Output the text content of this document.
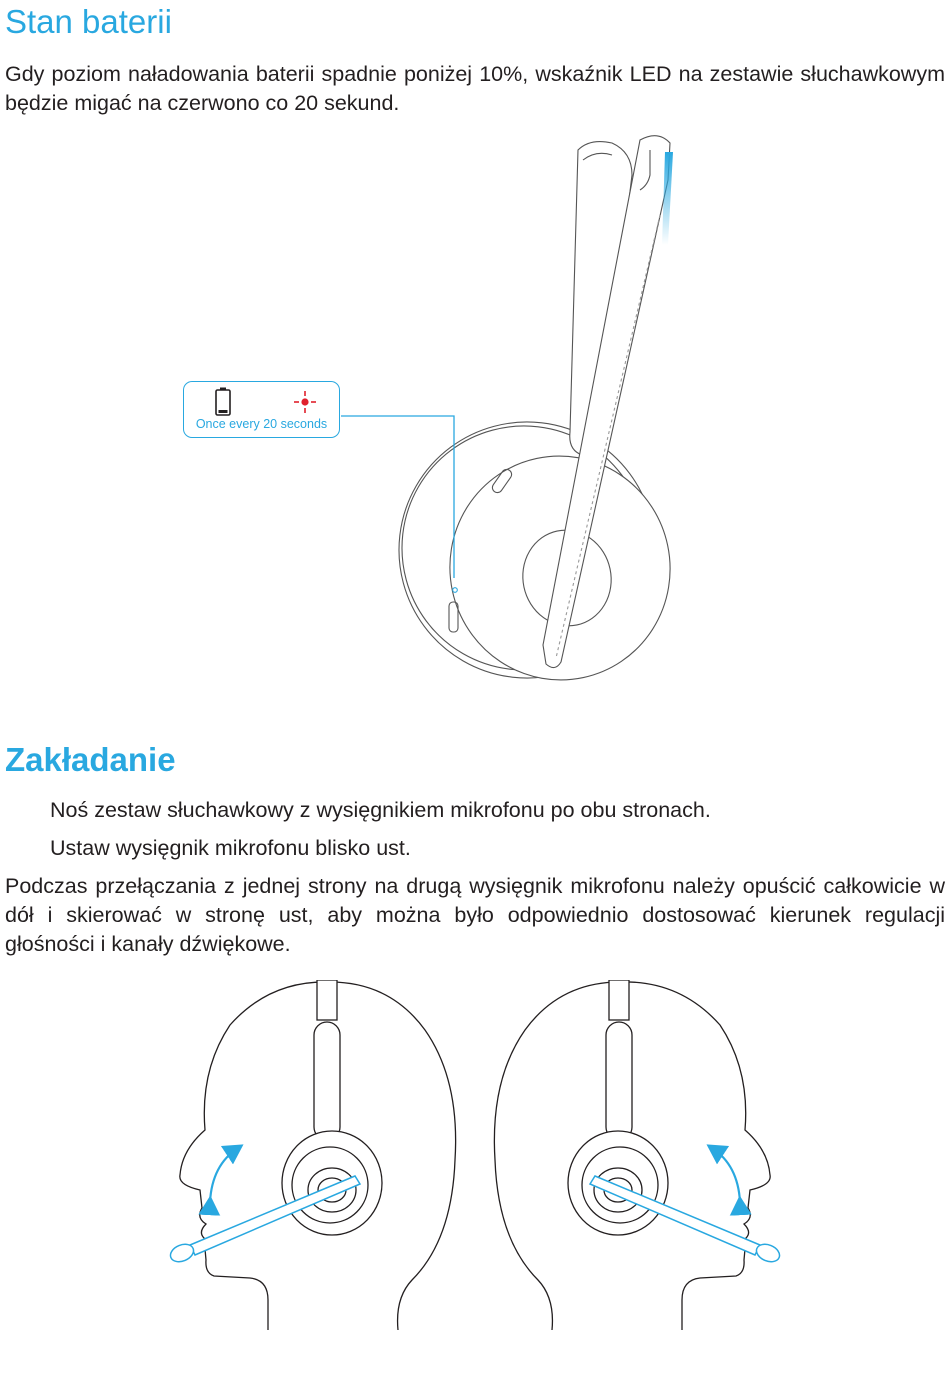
Stan baterii

Gdy poziom naładowania baterii spadnie poniżej 10%, wskaźnik LED na zestawie słuchawkowym będzie migać na czerwono co 20 sekund.

Once every 20 seconds
Zakładanie

Noś zestaw słuchawkowy z wysięgnikiem mikrofonu po obu stronach.

Ustaw wysięgnik mikrofonu blisko ust.

Podczas przełączania z jednej strony na drugą wysięgnik mikrofonu należy opuścić całkowicie w dół i skierować w stronę ust, aby można było odpowiednio dostosować kierunek regulacji głośności i kanały dźwiękowe.
